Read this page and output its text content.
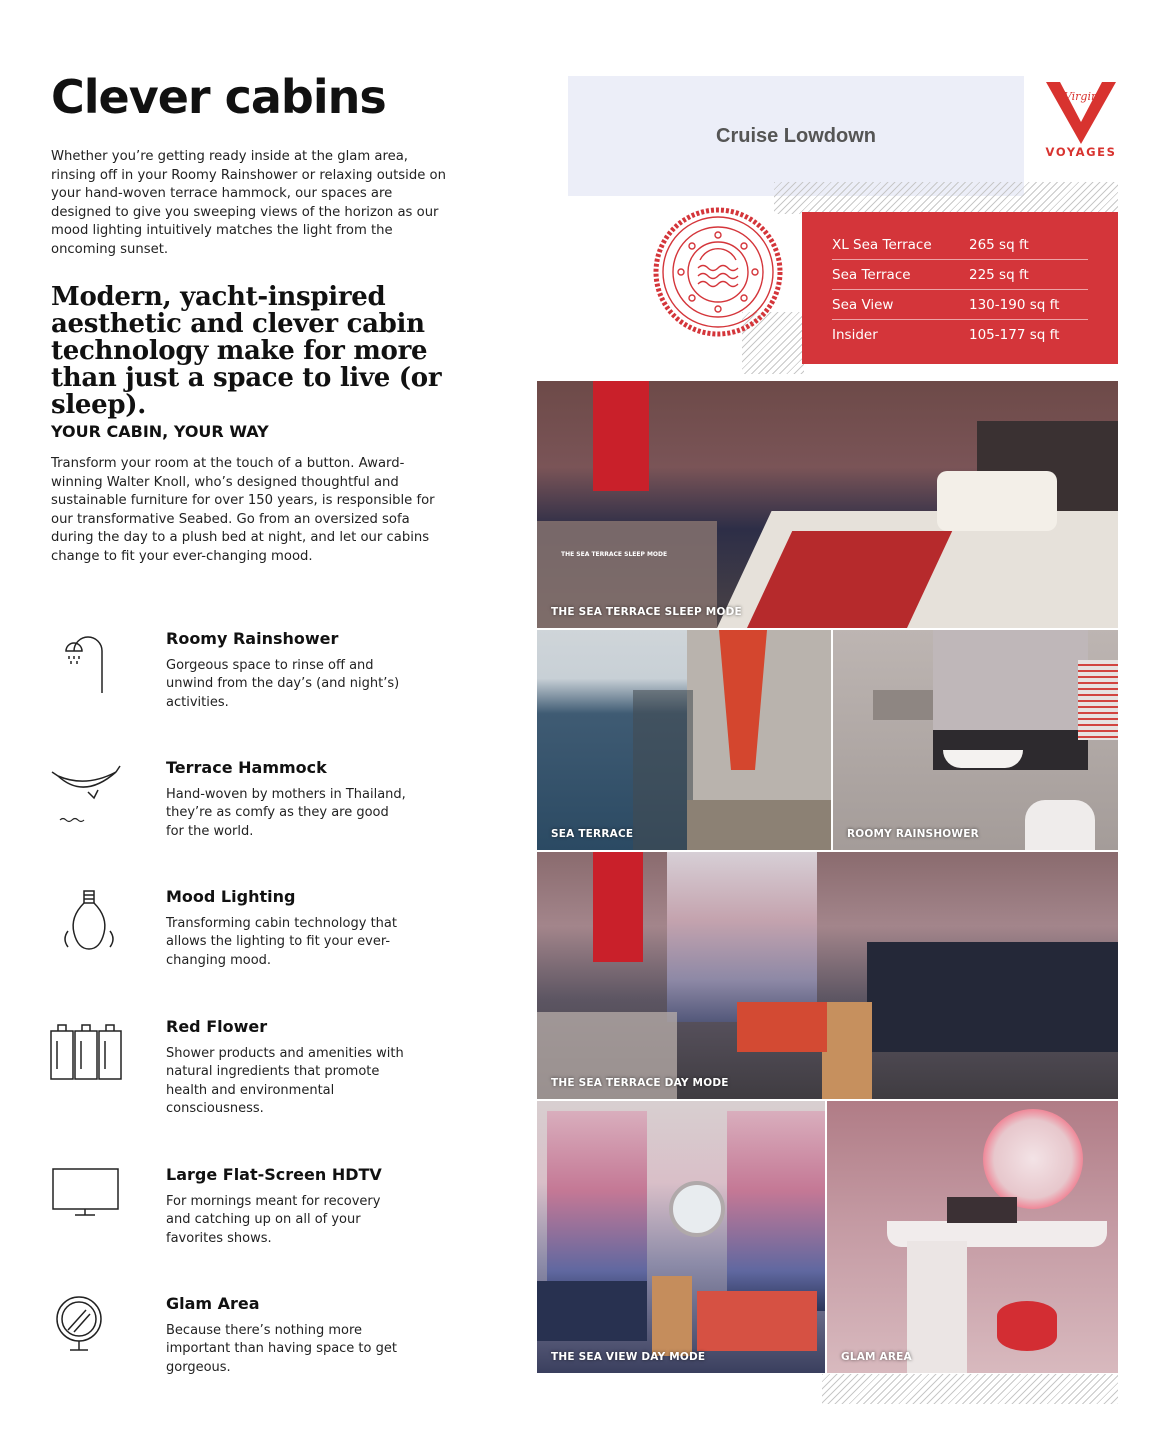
Clever cabins

Whether you’re getting ready inside at the glam area, rinsing off in your Roomy Rainshower or relaxing outside on your hand-woven terrace hammock, our spaces are designed to give you sweeping views of the horizon as our mood lighting intuitively matches the light from the oncoming sunset.

Modern, yacht-inspired aesthetic and clever cabin technology make for more than just a space to live (or sleep).
YOUR CABIN, YOUR WAY

Transform your room at the touch of a button. Award-winning Walter Knoll, who’s designed thoughtful and sustainable furniture for over 150 years, is responsible for our transformative Seabed. Go from an oversized sofa during the day to a plush bed at night, and let our cabins change to fit your ever-changing mood.

Roomy Rainshower
Gorgeous space to rinse off and unwind from the day’s (and night’s) activities.
Terrace Hammock
Hand-woven by mothers in Thailand, they’re as comfy as they are good for the world.
Mood Lighting
Transforming cabin technology that allows the lighting to fit your ever-changing mood.
Red Flower
Shower products and amenities with natural ingredients that promote health and environmental consciousness.
Large Flat-Screen HDTV
For mornings meant for recovery and catching up on all of your favorites shows.
Glam Area
Because there’s nothing more important than having space to get gorgeous.
Cruise Lowdown
Virgin
VOYAGES
XL Sea Terrace	265 sq ft
Sea Terrace	225 sq ft
Sea View	130-190 sq ft
Insider	105-177 sq ft
THE SEA TERRACE SLEEP MODE
THE SEA TERRACE SLEEP MODE
SEA TERRACE	ROOMY RAINSHOWER
THE SEA TERRACE DAY MODE
THE SEA VIEW DAY MODE	GLAM AREA
